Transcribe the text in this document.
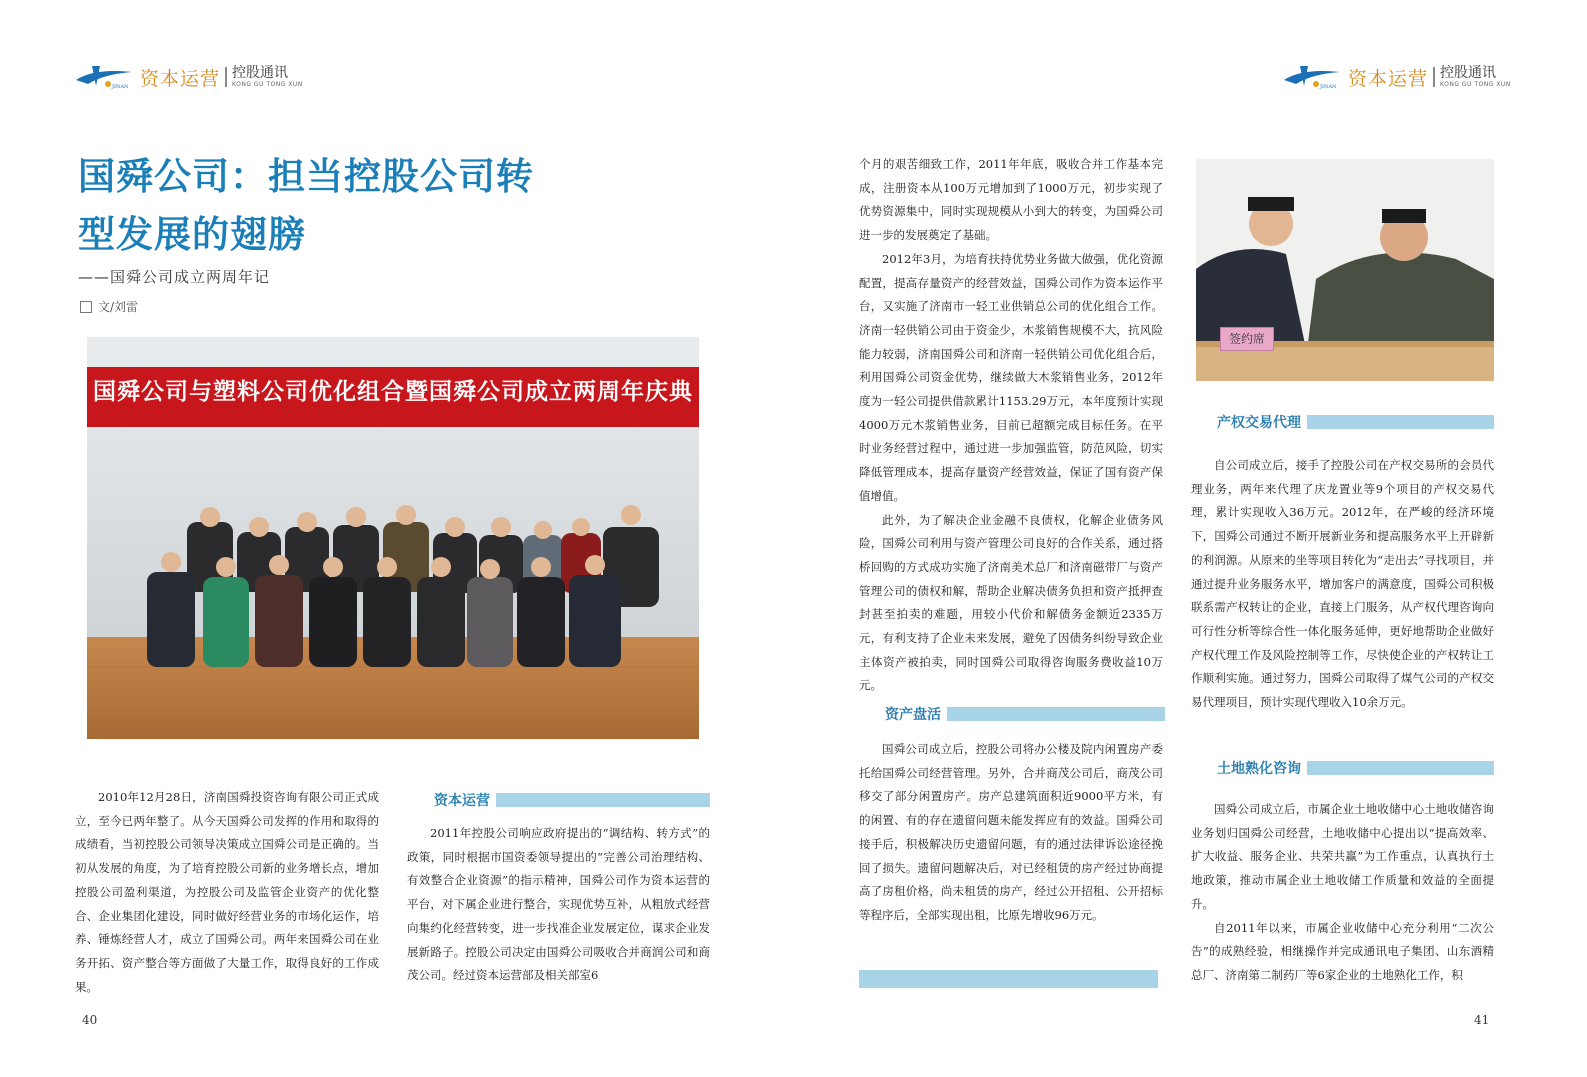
JINAN 资本运营 控股通讯
KONG GU TONG XUN	JINAN 资本运营 控股通讯
KONG GU TONG XUN
国舜公司：担当控股公司转
型发展的翅膀
——国舜公司成立两周年记
文/刘雷
国舜公司与塑料公司优化组合暨国舜公司成立两周年庆典
签约席

2010年12月28日，济南国舜投资咨询有限公司正式成立，至今已两年整了。从今天国舜公司发挥的作用和取得的成绩看，当初控股公司领导决策成立国舜公司是正确的。当初从发展的角度，为了培育控股公司新的业务增长点，增加控股公司盈利渠道，为控股公司及监管企业资产的优化整合、企业集团化建设，同时做好经营业务的市场化运作，培养、锤炼经营人才，成立了国舜公司。两年来国舜公司在业务开拓、资产整合等方面做了大量工作，取得良好的工作成果。

资本运营

2011年控股公司响应政府提出的“调结构、转方式”的政策，同时根据市国资委领导提出的“完善公司治理结构、有效整合企业资源”的指示精神，国舜公司作为资本运营的平台，对下属企业进行整合，实现优势互补，从粗放式经营向集约化经营转变，进一步找准企业发展定位，谋求企业发展新路子。控股公司决定由国舜公司吸收合并商润公司和商茂公司。经过资本运营部及相关部室6

个月的艰苦细致工作，2011年年底，吸收合并工作基本完成，注册资本从100万元增加到了1000万元，初步实现了优势资源集中，同时实现规模从小到大的转变，为国舜公司进一步的发展奠定了基础。

2012年3月，为培育扶持优势业务做大做强，优化资源配置，提高存量资产的经营效益，国舜公司作为资本运作平台，又实施了济南市一轻工业供销总公司的优化组合工作。济南一轻供销公司由于资金少，木浆销售规模不大，抗风险能力较弱，济南国舜公司和济南一轻供销公司优化组合后，利用国舜公司资金优势，继续做大木浆销售业务，2012年度为一轻公司提供借款累计1153.29万元，本年度预计实现4000万元木浆销售业务，目前已超额完成目标任务。在平时业务经营过程中，通过进一步加强监管，防范风险，切实降低管理成本，提高存量资产经营效益，保证了国有资产保值增值。

此外，为了解决企业金融不良债权，化解企业债务风险，国舜公司利用与资产管理公司良好的合作关系，通过搭桥回购的方式成功实施了济南美术总厂和济南磁带厂与资产管理公司的债权和解，帮助企业解决债务负担和资产抵押查封甚至拍卖的难题，用较小代价和解债务金额近2335万元，有利支持了企业未来发展，避免了因债务纠纷导致企业主体资产被拍卖，同时国舜公司取得咨询服务费收益10万元。

资产盘活

国舜公司成立后，控股公司将办公楼及院内闲置房产委托给国舜公司经营管理。另外，合并商茂公司后，商茂公司移交了部分闲置房产。房产总建筑面积近9000平方米，有的闲置、有的存在遗留问题未能发挥应有的效益。国舜公司接手后，积极解决历史遗留问题，有的通过法律诉讼途径挽回了损失。遗留问题解决后，对已经租赁的房产经过协商提高了房租价格，尚未租赁的房产，经过公开招租、公开招标等程序后，全部实现出租，比原先增收96万元。

产权交易代理

自公司成立后，接手了控股公司在产权交易所的会员代理业务，两年来代理了庆龙置业等9个项目的产权交易代理，累计实现收入36万元。2012年，在严峻的经济环境下，国舜公司通过不断开展新业务和提高服务水平上开辟新的利润源。从原来的坐等项目转化为“走出去”寻找项目，并通过提升业务服务水平，增加客户的满意度，国舜公司积极联系需产权转让的企业，直接上门服务，从产权代理咨询向可行性分析等综合性一体化服务延伸，更好地帮助企业做好产权代理工作及风险控制等工作，尽快使企业的产权转让工作顺利实施。通过努力，国舜公司取得了煤气公司的产权交易代理项目，预计实现代理收入10余万元。

土地熟化咨询

国舜公司成立后，市属企业土地收储中心土地收储咨询业务划归国舜公司经营，土地收储中心提出以“提高效率、扩大收益、服务企业、共荣共赢”为工作重点，认真执行土地政策，推动市属企业土地收储工作质量和效益的全面提升。

自2011年以来，市属企业收储中心充分利用“二次公告”的成熟经验，相继操作并完成通讯电子集团、山东酒精总厂、济南第二制药厂等6家企业的土地熟化工作，积

40	41
